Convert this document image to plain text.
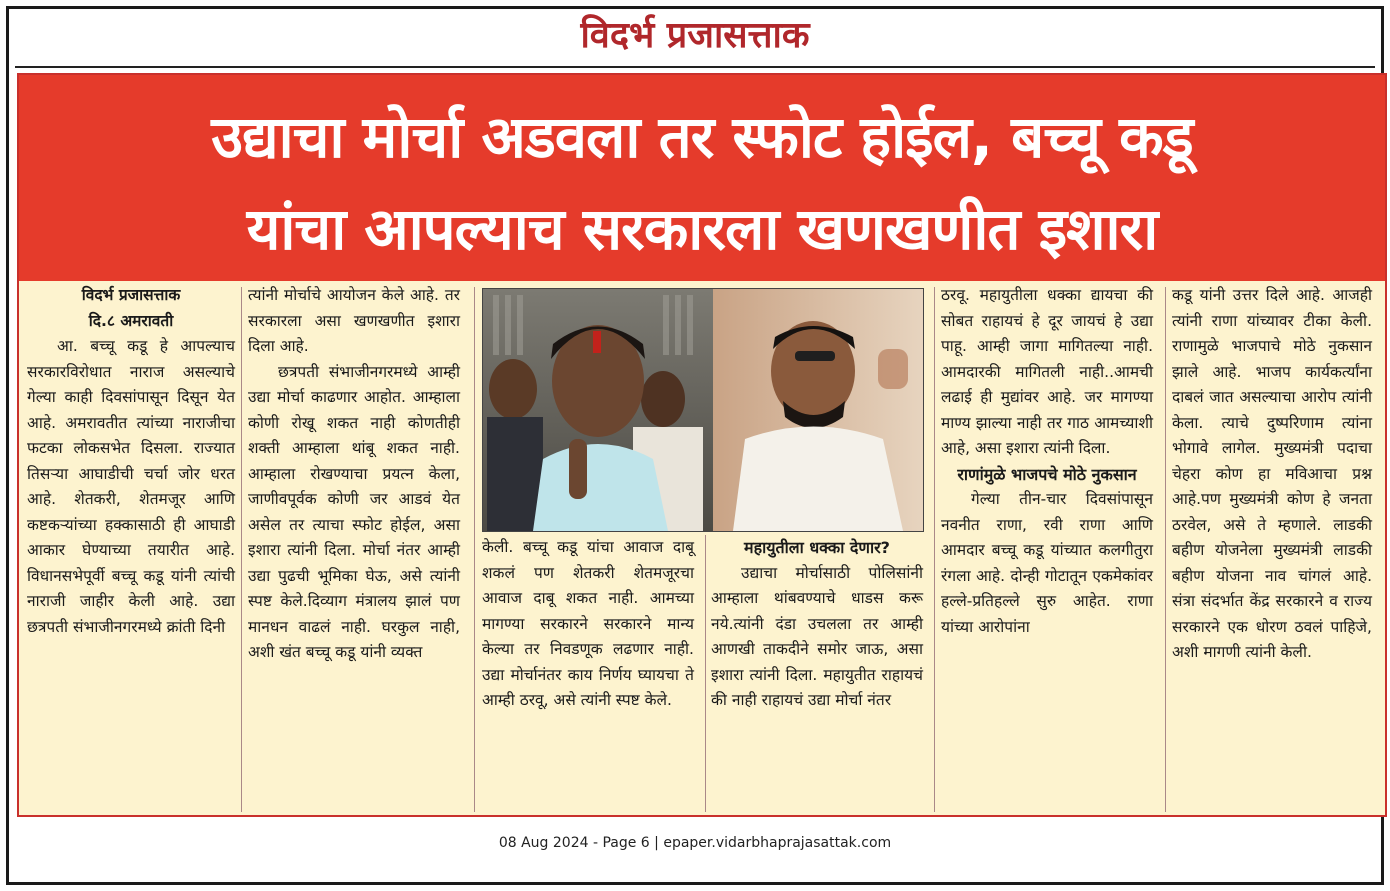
विदर्भ प्रजासत्ताक
उद्याचा मोर्चा अडवला तर स्फोट होईल, बच्चू कडू
यांचा आपल्याच सरकारला खणखणीत इशारा

विदर्भ प्रजासत्ताक

दि.८ अमरावती

आ. बच्चू कडू हे आपल्याच सरकारविरोधात नाराज असल्याचे गेल्या काही दिवसांपासून दिसून येत आहे. अमरावतीत त्यांच्या नाराजीचा फटका लोकसभेत दिसला. राज्यात तिसऱ्या आघाडीची चर्चा जोर धरत आहे. शेतकरी, शेतमजूर आणि कष्टकऱ्यांच्या हक्कासाठी ही आघाडी आकार घेण्याच्या तयारीत आहे. विधानसभेपूर्वी बच्चू कडू यांनी त्यांची नाराजी जाहीर केली आहे. उद्या छत्रपती संभाजीनगरमध्ये क्रांती दिनी

त्यांनी मोर्चाचे आयोजन केले आहे. तर सरकारला असा खणखणीत इशारा दिला आहे.

छत्रपती संभाजीनगरमध्ये आम्ही उद्या मोर्चा काढणार आहोत. आम्हाला कोणी रोखू शकत नाही कोणतीही शक्ती आम्हाला थांबू शकत नाही. आम्हाला रोखण्याचा प्रयत्न केला, जाणीवपूर्वक कोणी जर आडवं येत असेल तर त्याचा स्फोट होईल, असा इशारा त्यांनी दिला. मोर्चा नंतर आम्ही उद्या पुढची भूमिका घेऊ, असे त्यांनी स्पष्ट केले.दिव्याग मंत्रालय झालं पण मानधन वाढलं नाही. घरकुल नाही, अशी खंत बच्चू कडू यांनी व्यक्त

केली. बच्चू कडू यांचा आवाज दाबू शकलं पण शेतकरी शेतमजूरचा आवाज दाबू शकत नाही. आमच्या मागण्या सरकारने सरकारने मान्य केल्या तर निवडणूक लढणार नाही. उद्या मोर्चानंतर काय निर्णय घ्यायचा ते आम्ही ठरवू, असे त्यांनी स्पष्ट केले.

महायुतीला धक्का देणार?

उद्याचा मोर्चासाठी पोलिसांनी आम्हाला थांबवण्याचे धाडस करू नये.त्यांनी दंडा उचलला तर आम्ही आणखी ताकदीने समोर जाऊ, असा इशारा त्यांनी दिला. महायुतीत राहायचं की नाही राहायचं उद्या मोर्चा नंतर

ठरवू. महायुतीला धक्का द्यायचा की सोबत राहायचं हे दूर जायचं हे उद्या पाहू. आम्ही जागा मागितल्या नाही. आमदारकी मागितली नाही..आमची लढाई ही मुद्यांवर आहे. जर मागण्या माण्य झाल्या नाही तर गाठ आमच्याशी आहे, असा इशारा त्यांनी दिला.

राणांमुळे भाजपचे मोठे नुकसान

गेल्या तीन-चार दिवसांपासून नवनीत राणा, रवी राणा आणि आमदार बच्चू कडू यांच्यात कलगीतुरा रंगला आहे. दोन्ही गोटातून एकमेकांवर हल्ले-प्रतिहल्ले सुरु आहेत. राणा यांच्या आरोपांना

कडू यांनी उत्तर दिले आहे. आजही त्यांनी राणा यांच्यावर टीका केली. राणामुळे भाजपाचे मोठे नुकसान झाले आहे. भाजप कार्यकर्त्यांना दाबलं जात असल्याचा आरोप त्यांनी केला. त्याचे दुष्परिणाम त्यांना भोगावे लागेल. मुख्यमंत्री पदाचा चेहरा कोण हा मविआचा प्रश्न आहे.पण मुख्यमंत्री कोण हे जनता ठरवेल, असे ते म्हणाले. लाडकी बहीण योजनेला मुख्यमंत्री लाडकी बहीण योजना नाव चांगलं आहे. संत्रा संदर्भात केंद्र सरकारने व राज्य सरकारने एक धोरण ठवलं पाहिजे, अशी मागणी त्यांनी केली.

08 Aug 2024 - Page 6 | epaper.vidarbhaprajasattak.com
